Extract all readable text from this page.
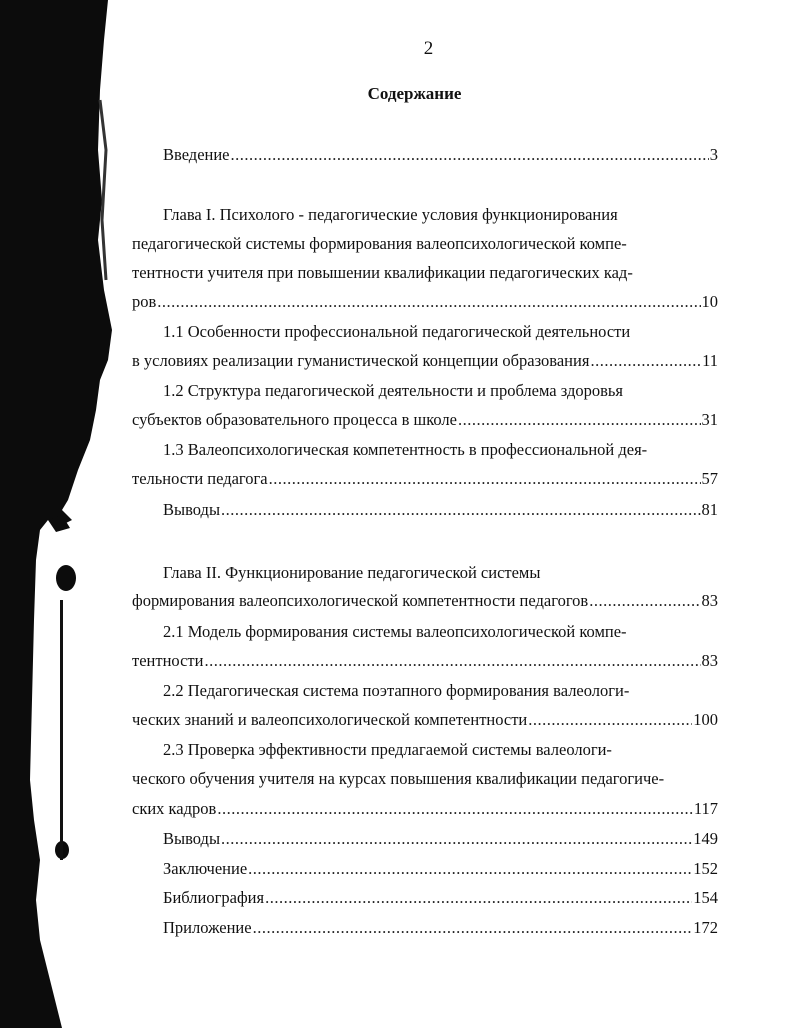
2
Содержание
Введение .....	3
Глава I. Психолого - педагогические условия функционирования
педагогической системы формирования валеопсихологической компе-
тентности учителя при повышении квалификации педагогических кад-
ров .....	10
1.1 Особенности профессиональной педагогической деятельности
в условиях реализации гуманистической концепции образования .....	11
1.2 Структура педагогической деятельности и проблема здоровья
субъектов образовательного процесса в школе .....	31
1.3 Валеопсихологическая компетентность в профессиональной дея-
тельности педагога .....	57
Выводы .....	81
Глава II. Функционирование педагогической системы
формирования валеопсихологической компетентности педагогов .....	83
2.1 Модель формирования системы валеопсихологической компе-
тентности .....	83
2.2 Педагогическая система поэтапного формирования валеологи-
ческих знаний и валеопсихологической компетентности .....	100
2.3 Проверка эффективности предлагаемой системы валеологи-
ческого обучения учителя на курсах повышения квалификации педагогиче-
ских кадров .....	117
Выводы .....	149
Заключение .....	152
Библиография .....	154
Приложение .....	172
